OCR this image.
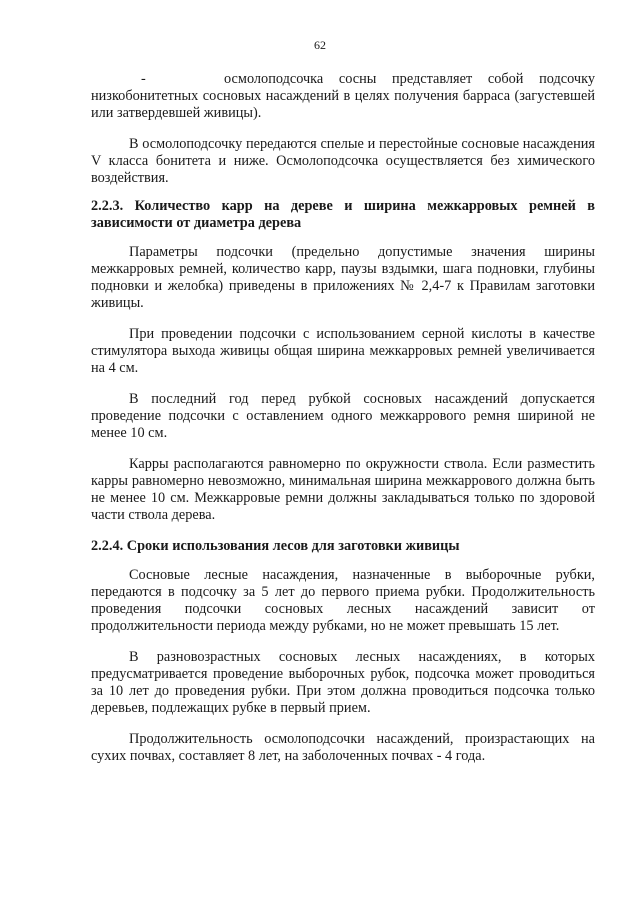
62

-     осмолоподсочка сосны представляет собой подсочку низкобонитетных сосновых насаждений в целях получения барраса (загустевшей или затвердевшей живицы).

В осмолоподсочку передаются спелые и перестойные сосновые насаждения V класса бонитета и ниже. Осмолоподсочка осуществляется без химического воздействия.

2.2.3. Количество карр на дереве и ширина межкарровых ремней в зависимости от диаметра дерева

Параметры подсочки (предельно допустимые значения ширины межкарровых ремней, количество карр, паузы вздымки, шага подновки, глубины подновки и желобка) приведены в приложениях № 2,4-7 к Правилам заготовки живицы.

При проведении подсочки с использованием серной кислоты в качестве стимулятора выхода живицы общая ширина межкарровых ремней увеличивается на 4 см.

В последний год перед рубкой сосновых насаждений допускается проведение подсочки с оставлением одного межкаррового ремня шириной не менее 10 см.

Карры располагаются равномерно по окружности ствола. Если разместить карры равномерно невозможно, минимальная ширина межкаррового должна быть не менее 10 см. Межкарровые ремни должны закладываться только по здоровой части ствола дерева.

2.2.4. Сроки использования лесов для заготовки живицы

Сосновые лесные насаждения, назначенные в выборочные рубки, передаются в подсочку за 5 лет до первого приема рубки. Продолжительность проведения подсочки сосновых лесных насаждений зависит от продолжительности периода между рубками, но не может превышать 15 лет.

В разновозрастных сосновых лесных насаждениях, в которых предусматривается проведение выборочных рубок, подсочка может проводиться за 10 лет до проведения рубки. При этом должна проводиться подсочка только деревьев, подлежащих рубке в первый прием.

Продолжительность осмолоподсочки насаждений, произрастающих на сухих почвах, составляет 8 лет, на заболоченных почвах - 4 года.
